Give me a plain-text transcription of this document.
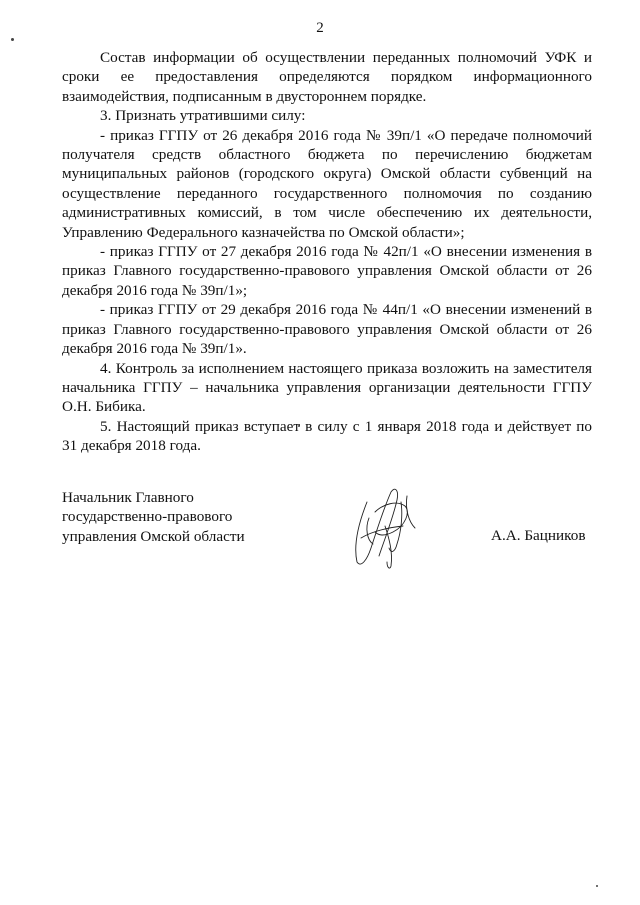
2

Состав информации об осуществлении переданных полномочий УФК и сроки ее предоставления определяются порядком информационного взаимодействия, подписанным в двустороннем порядке.

3. Признать утратившими силу:

- приказ ГГПУ от 26 декабря 2016 года № 39п/1 «О передаче полномочий получателя средств областного бюджета по перечислению бюджетам муниципальных районов (городского округа) Омской области субвенций на осуществление переданного государственного полномочия по созданию административных комиссий, в том числе обеспечению их деятельности, Управлению Федерального казначейства по Омской области»;

- приказ ГГПУ от 27 декабря 2016 года № 42п/1 «О внесении изменения в приказ Главного государственно-правового управления Омской области от 26 декабря 2016 года № 39п/1»;

- приказ ГГПУ от 29 декабря 2016 года № 44п/1 «О внесении изменений в приказ Главного государственно-правового управления Омской области от 26 декабря 2016 года № 39п/1».

4. Контроль за исполнением настоящего приказа возложить на заместителя начальника ГГПУ – начальника управления организации деятельности ГГПУ О.Н. Бибика.

5. Настоящий приказ вступает в силу с 1 января 2018 года и действует по 31 декабря 2018 года.

Начальник Главного
государственно-правового
управления Омской области	А.А. Бацников
